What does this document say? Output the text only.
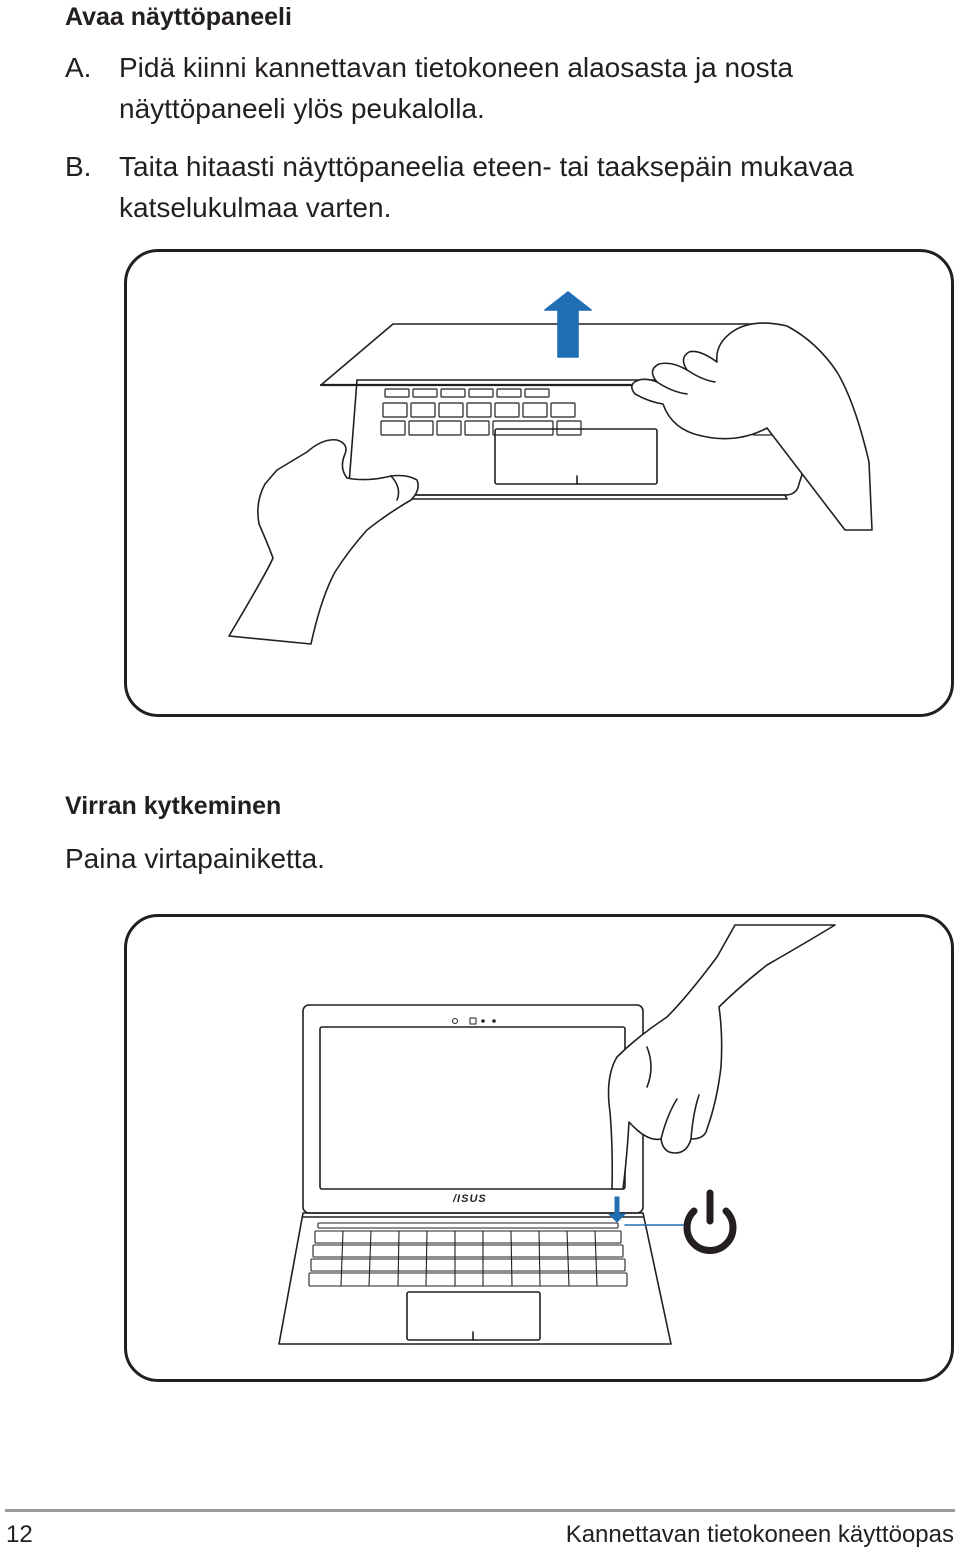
Avaa näyttöpaneeli
A. Pidä kiinni kannettavan tietokoneen alaosasta ja nosta näyttöpaneeli ylös peukalolla.
B. Taita hitaasti näyttöpaneelia eteen- tai taaksepäin mukavaa katselukulmaa varten.
Virran kytkeminen
Paina virtapainiketta.
/ISUS
12	Kannettavan tietokoneen käyttöopas
